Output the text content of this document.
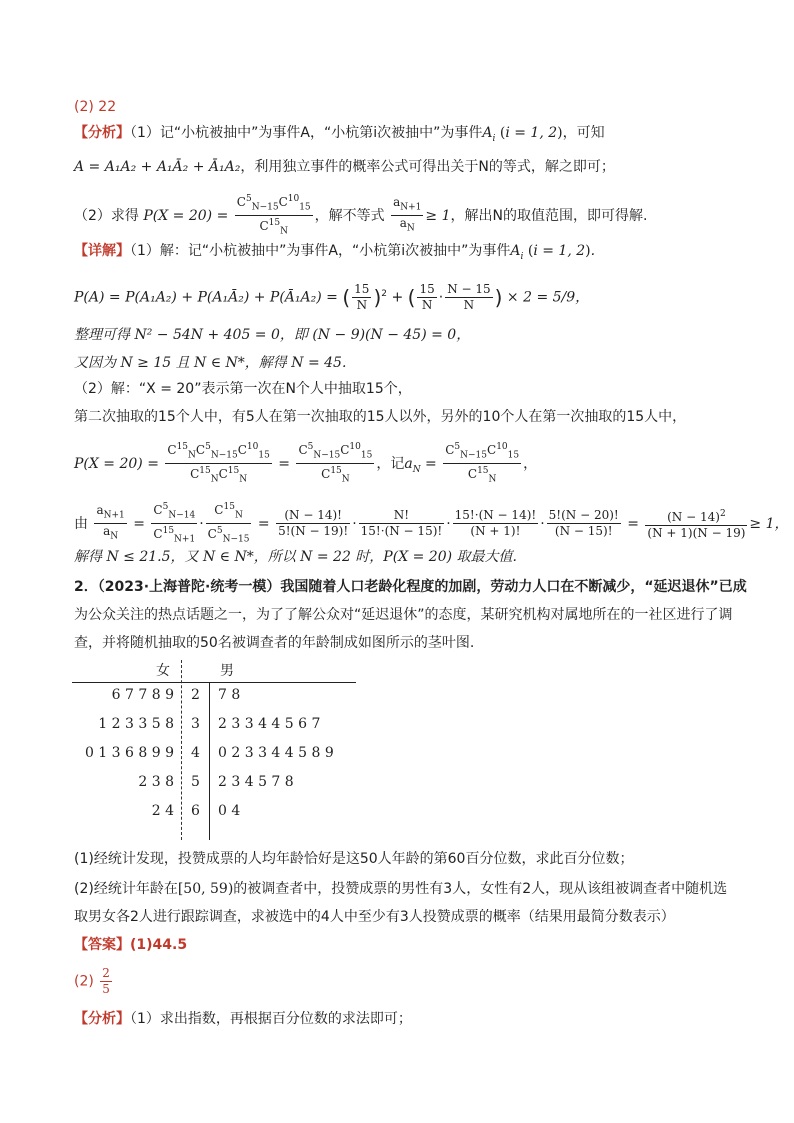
(2) 22
【分析】（1）记“小杭被抽中”为事件A，“小杭第i次被抽中”为事件$A_i$ (i = 1, 2)，可知
A = A₁A₂ + A₁Ā₂ + Ā₁A₂，利用独立事件的概率公式可得出关于N的等式，解之即可；
（2）求得 $P(X = 20) = \frac{C^5_{N-15}C^{10}_{15}}{C^{15}_N}$ ，解不等式 $\frac{a_{N+1}}{a_N} \ge 1$，解出N的取值范围，即可得解.
【详解】（1）解：记“小杭被抽中”为事件A，“小杭第i次被抽中”为事件$A_i$ (i = 1, 2).
P(A) = P(A₁A₂) + P(A₁Ā₂) + P(Ā₁A₂) = ( $\frac{15}{N} )^2$ + ( $\frac{15}{N} \cdot \frac{N - 15}{N}$ ) × 2 = 5/9，
整理可得 N² − 54N + 405 = 0，即 (N − 9)(N − 45) = 0，
又因为 N ≥ 15 且 N ∈ N*，解得 N = 45.
（2）解：“X = 20”表示第一次在N个人中抽取15个，
第二次抽取的15个人中，有5人在第一次抽取的15人以外，另外的10个人在第一次抽取的15人中，
$P(X = 20) = \frac{C^{15}_NC^5_{N-15}C^{10}_{15}}{C^{15}_NC^{15}_N} = \frac{C^5_{N-15}C^{10}_{15}}{C^{15}_N}$ ，记$a_N = \frac{C^5_{N-15}C^{10}_{15}}{C^{15}_N}$ ，
由 $\frac{a_{N+1}}{a_N} = \frac{C^5_{N-14}}{C^{15}_{N+1}} \cdot \frac{C^{15}_N}{C^5_{N-15}} = \frac{(N - 14)!}{5!(N - 19)!} \cdot \frac{N!}{15!\cdot(N - 15)!} \cdot \frac{15!\cdot(N - 14)!}{(N + 1)!} \cdot \frac{5!(N - 20)!}{(N - 15)!} = \frac{(N - 14)^2}{(N + 1)(N - 19)} \ge 1$，
解得 N ≤ 21.5，又 N ∈ N*，所以 N = 22 时，P(X = 20) 取最大值.
2．（2023·上海普陀·统考一模）我国随着人口老龄化程度的加剧，劳动力人口在不断减少，“延迟退休”已成
为公众关注的热点话题之一，为了了解公众对“延迟退休”的态度，某研究机构对属地所在的一社区进行了调
查，并将随机抽取的50名被调查者的年龄制成如图所示的茎叶图.
女	男
6 7 7 8 9	2	7 8
1 2 3 3 5 8	3	2 3 3 4 4 5 6 7
0 1 3 6 8 9 9	4	0 2 3 3 4 4 5 8 9
2 3 8	5	2 3 4 5 7 8
2 4	6	0 4
(1)经统计发现，投赞成票的人均年龄恰好是这50人年龄的第60百分位数，求此百分位数；
(2)经统计年龄在[50, 59)的被调查者中，投赞成票的男性有3人，女性有2人，现从该组被调查者中随机选
取男女各2人进行跟踪调查，求被选中的4人中至少有3人投赞成票的概率（结果用最简分数表示）
【答案】(1)44.5
$(2) \frac{2}{5}$
【分析】（1）求出指数，再根据百分位数的求法即可；
